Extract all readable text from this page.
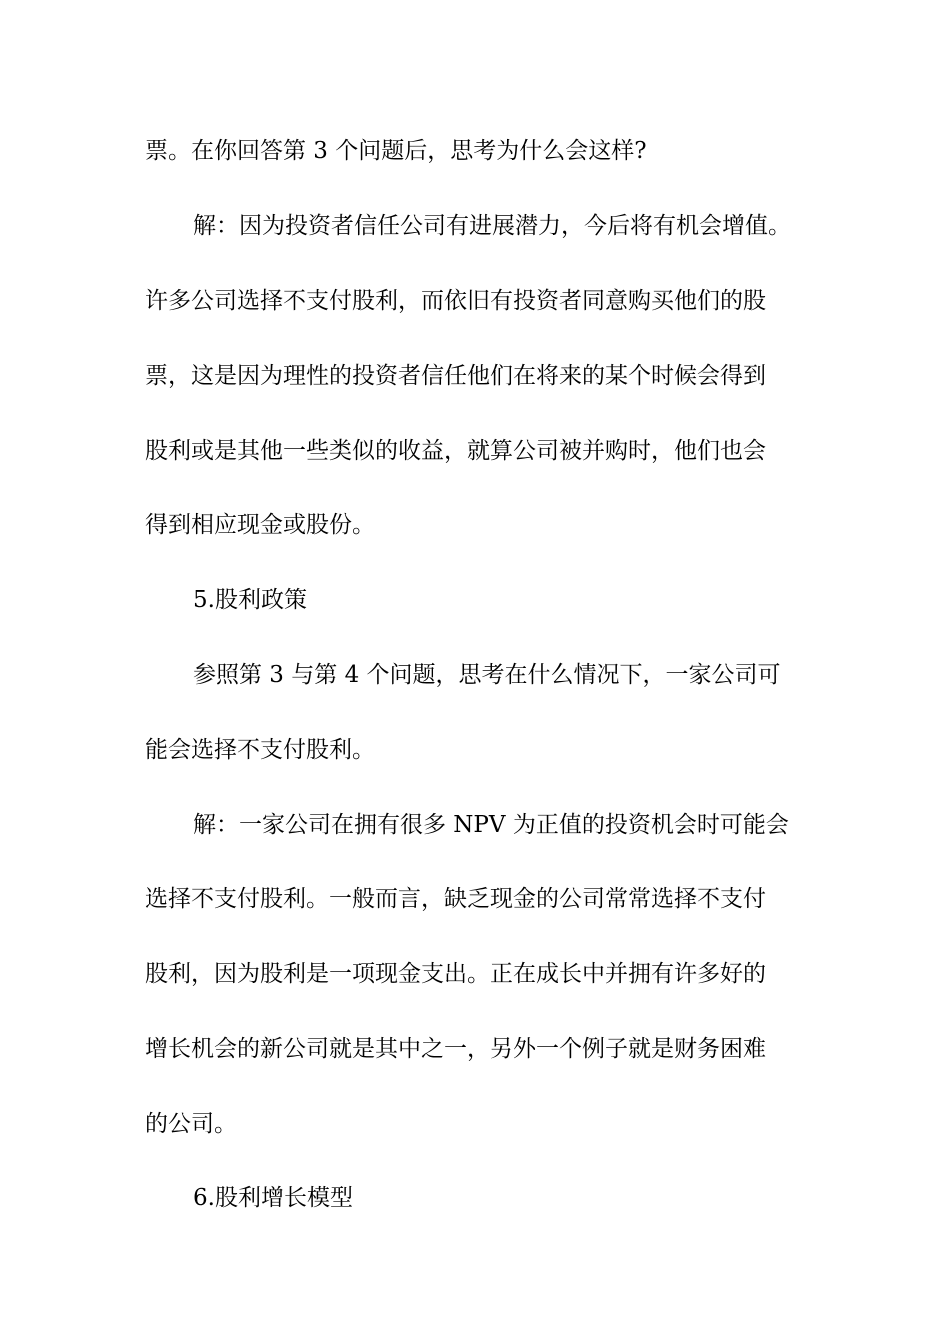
票。在你回答第 3 个问题后，思考为什么会这样?
解：因为投资者信任公司有进展潜力，今后将有机会增值。
许多公司选择不支付股利，而依旧有投资者同意购买他们的股
票，这是因为理性的投资者信任他们在将来的某个时候会得到
股利或是其他一些类似的收益，就算公司被并购时，他们也会
得到相应现金或股份。
5.股利政策
参照第 3 与第 4 个问题，思考在什么情况下，一家公司可
能会选择不支付股利。
解：一家公司在拥有很多 NPV 为正值的投资机会时可能会
选择不支付股利。一般而言，缺乏现金的公司常常选择不支付
股利，因为股利是一项现金支出。正在成长中并拥有许多好的
增长机会的新公司就是其中之一，另外一个例子就是财务困难
的公司。
6.股利增长模型
